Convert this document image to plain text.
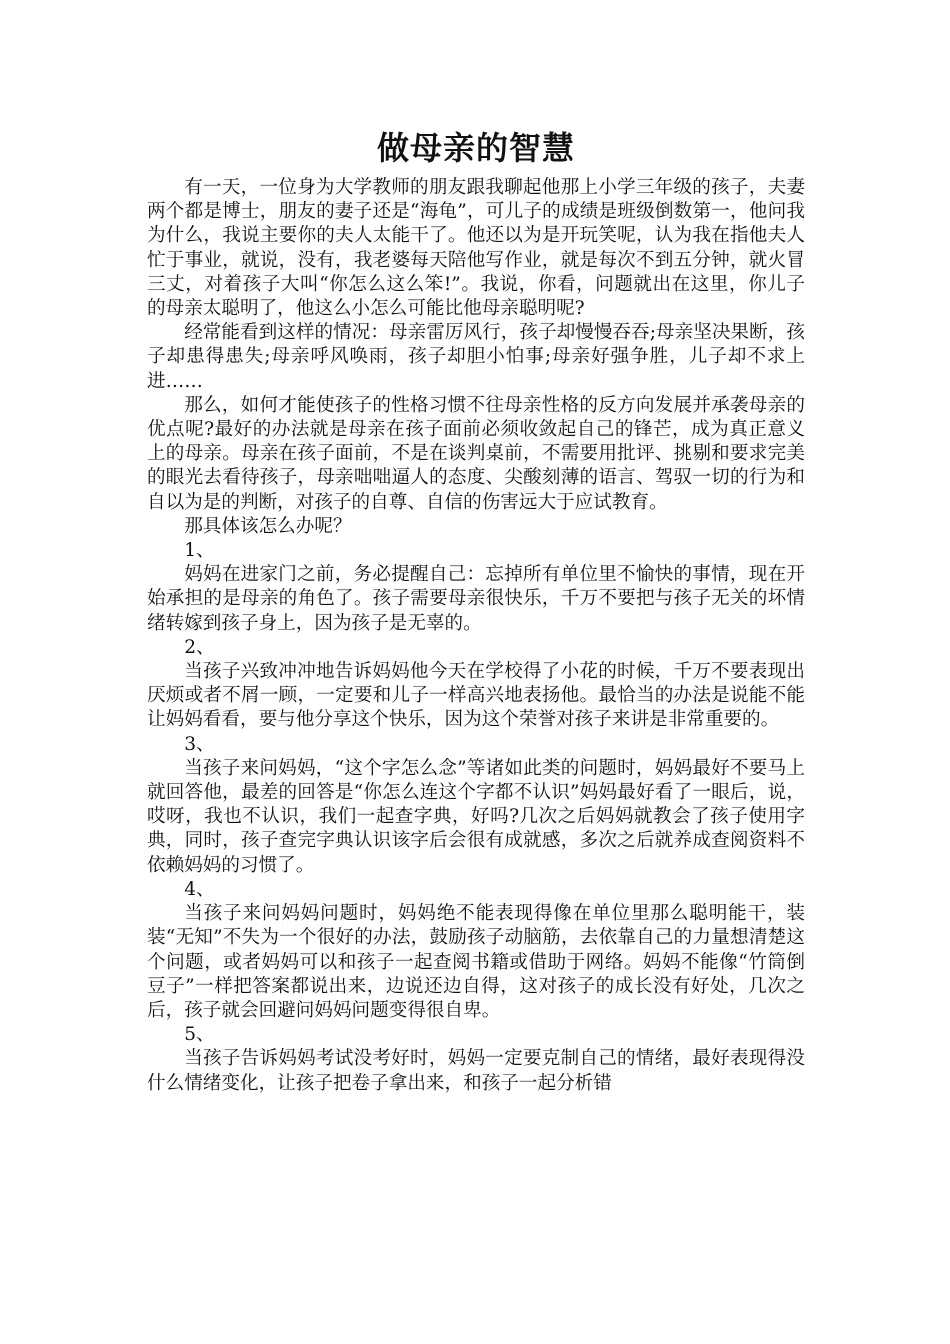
做母亲的智慧

有一天，一位身为大学教师的朋友跟我聊起他那上小学三年级的孩子，夫妻两个都是博士，朋友的妻子还是“海龟”，可儿子的成绩是班级倒数第一，他问我为什么，我说主要你的夫人太能干了。他还以为是开玩笑呢，认为我在指他夫人忙于事业，就说，没有，我老婆每天陪他写作业，就是每次不到五分钟，就火冒三丈，对着孩子大叫“你怎么这么笨!”。我说，你看，问题就出在这里，你儿子的母亲太聪明了，他这么小怎么可能比他母亲聪明呢?

经常能看到这样的情况：母亲雷厉风行，孩子却慢慢吞吞;母亲坚决果断，孩子却患得患失;母亲呼风唤雨，孩子却胆小怕事;母亲好强争胜，儿子却不求上进……

那么，如何才能使孩子的性格习惯不往母亲性格的反方向发展并承袭母亲的优点呢?最好的办法就是母亲在孩子面前必须收敛起自己的锋芒，成为真正意义上的母亲。母亲在孩子面前，不是在谈判桌前，不需要用批评、挑剔和要求完美的眼光去看待孩子，母亲咄咄逼人的态度、尖酸刻薄的语言、驾驭一切的行为和自以为是的判断，对孩子的自尊、自信的伤害远大于应试教育。

那具体该怎么办呢？

1、

妈妈在进家门之前，务必提醒自己：忘掉所有单位里不愉快的事情，现在开始承担的是母亲的角色了。孩子需要母亲很快乐，千万不要把与孩子无关的坏情绪转嫁到孩子身上，因为孩子是无辜的。

2、

当孩子兴致冲冲地告诉妈妈他今天在学校得了小花的时候，千万不要表现出厌烦或者不屑一顾，一定要和儿子一样高兴地表扬他。最恰当的办法是说能不能让妈妈看看，要与他分享这个快乐，因为这个荣誉对孩子来讲是非常重要的。

3、

当孩子来问妈妈，“这个字怎么念”等诸如此类的问题时，妈妈最好不要马上就回答他，最差的回答是“你怎么连这个字都不认识”妈妈最好看了一眼后，说，哎呀，我也不认识，我们一起查字典，好吗?几次之后妈妈就教会了孩子使用字典，同时，孩子查完字典认识该字后会很有成就感，多次之后就养成查阅资料不依赖妈妈的习惯了。

4、

当孩子来问妈妈问题时，妈妈绝不能表现得像在单位里那么聪明能干，装装“无知”不失为一个很好的办法，鼓励孩子动脑筋，去依靠自己的力量想清楚这个问题，或者妈妈可以和孩子一起查阅书籍或借助于网络。妈妈不能像“竹筒倒豆子”一样把答案都说出来，边说还边自得，这对孩子的成长没有好处，几次之后，孩子就会回避问妈妈问题变得很自卑。

5、

当孩子告诉妈妈考试没考好时，妈妈一定要克制自己的情绪，最好表现得没什么情绪变化，让孩子把卷子拿出来，和孩子一起分析错
